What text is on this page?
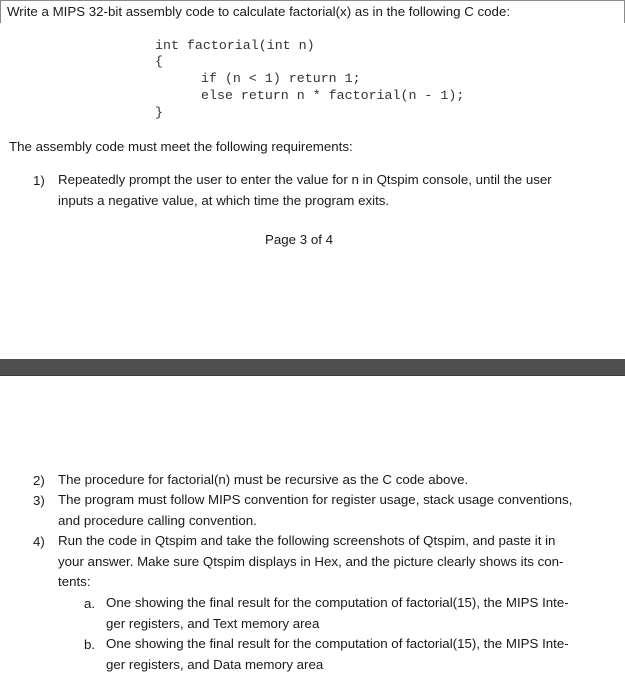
Write a MIPS 32-bit assembly code to calculate factorial(x) as in the following C code:
int factorial(int n)
{
if (n < 1) return 1;
else return n * factorial(n - 1);
}
The assembly code must meet the following requirements:
1) Repeatedly prompt the user to enter the value for n in Qtspim console, until the user
inputs a negative value, at which time the program exits.
Page 3 of 4
2) The procedure for factorial(n) must be recursive as the C code above.
3) The program must follow MIPS convention for register usage, stack usage conventions,
and procedure calling convention.
4) Run the code in Qtspim and take the following screenshots of Qtspim, and paste it in
your answer. Make sure Qtspim displays in Hex, and the picture clearly shows its con-
tents:
a. One showing the final result for the computation of factorial(15), the MIPS Inte-
ger registers, and Text memory area
b. One showing the final result for the computation of factorial(15), the MIPS Inte-
ger registers, and Data memory area
